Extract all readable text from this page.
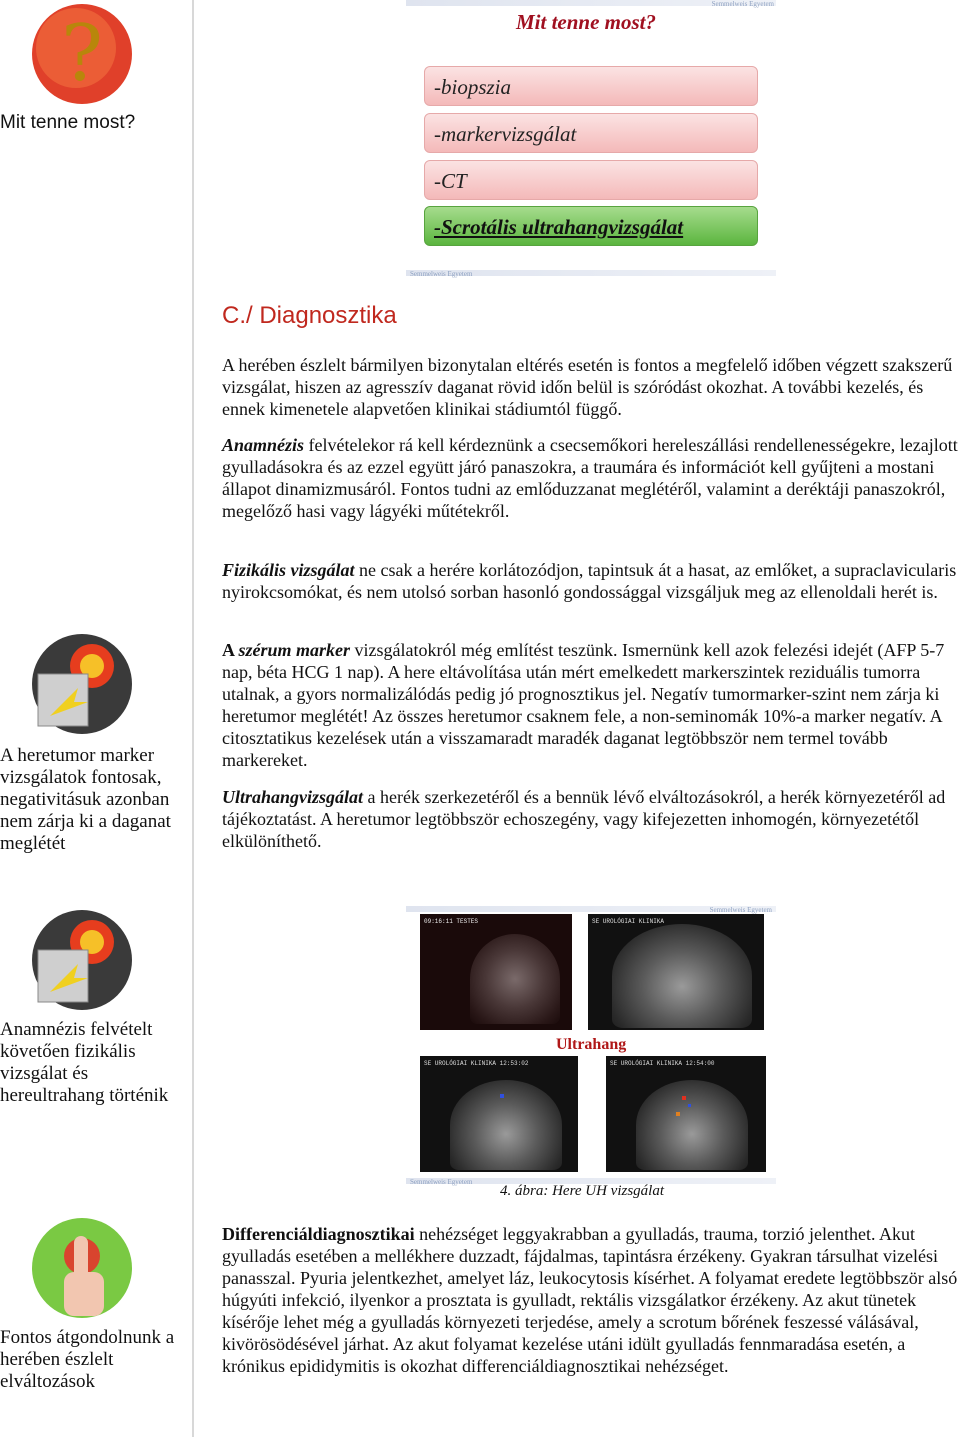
?
Mit tenne most?
A heretumor marker vizsgálatok fontosak, negativitásuk azonban nem zárja ki a daganat meglétét
Anamnézis felvételt követően fizikális vizsgálat és hereultrahang történik
Fontos átgondolnunk a herében észlelt elváltozások
Semmelweis Egyetem
Mit tenne most?
-biopszia
-markervizsgálat
-CT
-Scrotális ultrahangvizsgálat
Semmelweis Egyetem
C./ Diagnosztika
A herében észlelt bármilyen bizonytalan eltérés esetén is fontos a megfelelő időben végzett szakszerű vizsgálat, hiszen az agresszív daganat rövid időn belül is szóródást okozhat. A további kezelés, és ennek kimenetele alapvetően klinikai stádiumtól függő.
Anamnézis felvételekor rá kell kérdeznünk a csecsemőkori hereleszállási rendellenességekre, lezajlott gyulladásokra és az ezzel együtt járó panaszokra, a traumára és információt kell gyűjteni a mostani állapot dinamizmusáról. Fontos tudni az emlőduzzanat meglétéről, valamint a deréktáji panaszokról, megelőző hasi vagy lágyéki műtétekről.
Fizikális vizsgálat ne csak a herére korlátozódjon, tapintsuk át a hasat, az emlőket, a supraclavicularis nyirokcsomókat, és nem utolsó sorban hasonló gondossággal vizsgáljuk meg az ellenoldali herét is.
A szérum marker vizsgálatokról még említést teszünk. Ismernünk kell azok felezési idejét (AFP 5-7 nap, béta HCG 1 nap). A here eltávolítása után mért emelkedett markerszintek reziduális tumorra utalnak, a gyors normalizálódás pedig jó prognosztikus jel. Negatív tumormarker-szint nem zárja ki heretumor meglétét! Az összes heretumor csaknem fele, a non-seminomák 10%-a marker negatív. A citosztatikus kezelések után a visszamaradt maradék daganat legtöbbször nem termel tovább markereket.
Ultrahangvizsgálat a herék szerkezetéről és a bennük lévő elváltozásokról, a herék környezetéről ad tájékoztatást. A heretumor legtöbbször echoszegény, vagy kifejezetten inhomogén, környezetétől elkülöníthető.
Semmelweis Egyetem
Semmelweis Egyetem
09:16:11 TESTES	SE UROLÓGIAI KLINIKA
Ultrahang
SE UROLÓGIAI KLINIKA 12:53:02	SE UROLÓGIAI KLINIKA 12:54:00
4. ábra: Here UH vizsgálat
Differenciáldiagnosztikai nehézséget leggyakrabban a gyulladás, trauma, torzió jelenthet. Akut gyulladás esetében a mellékhere duzzadt, fájdalmas, tapintásra érzékeny. Gyakran társulhat vizelési panasszal. Pyuria jelentkezhet, amelyet láz, leukocytosis kísérhet. A folyamat eredete legtöbbször alsó húgyúti infekció, ilyenkor a prosztata is gyulladt, rektális vizsgálatkor érzékeny. Az akut tünetek kísérője lehet még a gyulladás környezeti terjedése, amely a scrotum bőrének feszessé válásával, kivörösödésével járhat. Az akut folyamat kezelése utáni idült gyulladás fennmaradása esetén, a krónikus epididymitis is okozhat differenciáldiagnosztikai nehézséget.
